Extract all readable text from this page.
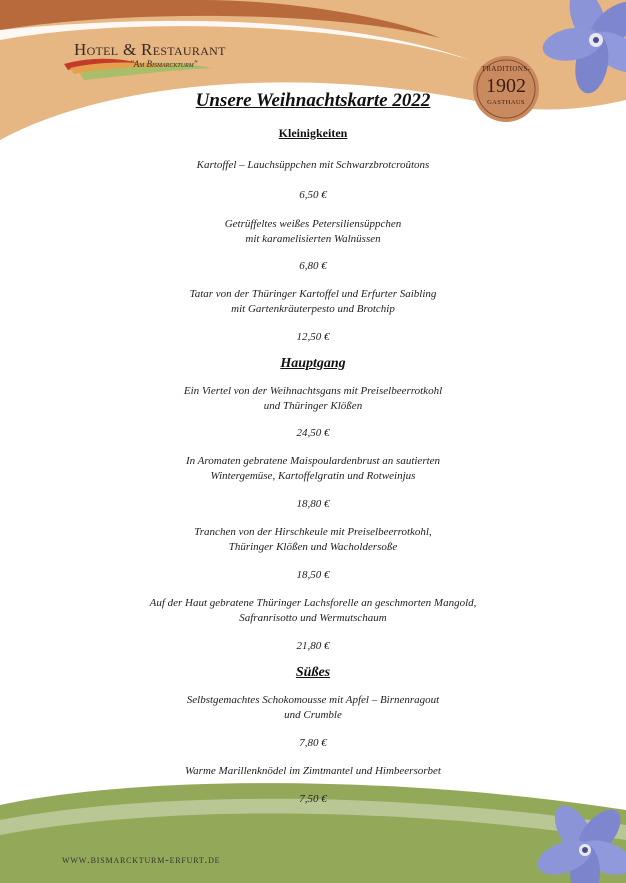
Hotel & Restaurant
"Am Bismarckturm"	TRADITIONS-
1902
GASTHAUS
Unsere Weihnachtskarte 2022

Kleinigkeiten

Kartoffel – Lauchsüppchen mit Schwarzbrotcroûtons

6,50 €

Getrüffeltes weißes Petersiliensüppchen

mit karamelisierten Walnüssen

6,80 €

Tatar von der Thüringer Kartoffel und Erfurter Saibling

mit Gartenkräuterpesto und Brotchip

12,50 €

Hauptgang

Ein Viertel von der Weihnachtsgans mit Preiselbeerrotkohl

und Thüringer Klößen

24,50 €

In Aromaten gebratene Maispoulardenbrust an sautierten

Wintergemüse, Kartoffelgratin und Rotweinjus

18,80 €

Tranchen von der Hirschkeule mit Preiselbeerrotkohl,

Thüringer Klößen und Wacholdersoße

18,50 €

Auf der Haut gebratene Thüringer Lachsforelle an geschmorten Mangold,

Safranrisotto und Wermutschaum

21,80 €

Süßes

Selbstgemachtes Schokomousse mit Apfel – Birnenragout

und Crumble

7,80 €

Warme Marillenknödel im Zimtmantel und Himbeersorbet

7,50 €

www.bismarckturm-erfurt.de
